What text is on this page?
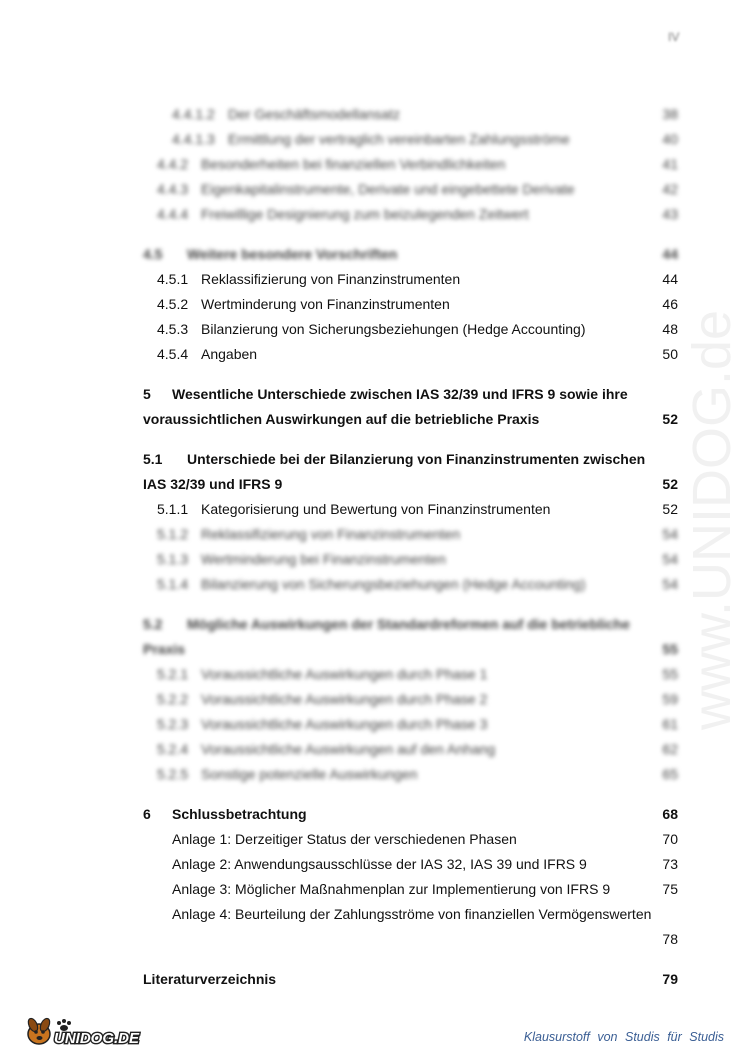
IV
www.UNIDOG.de
4.4.1.2 Der Geschäftsmodellansatz	38
4.4.1.3 Ermittlung der vertraglich vereinbarten Zahlungsströme	40
4.4.2 Besonderheiten bei finanziellen Verbindlichkeiten	41
4.4.3 Eigenkapitalinstrumente, Derivate und eingebettete Derivate	42
4.4.4 Freiwillige Designierung zum beizulegenden Zeitwert	43
4.5 Weitere besondere Vorschriften	44
4.5.1 Reklassifizierung von Finanzinstrumenten	44
4.5.2 Wertminderung von Finanzinstrumenten	46
4.5.3 Bilanzierung von Sicherungsbeziehungen (Hedge Accounting)	48
4.5.4 Angaben	50
5 Wesentliche Unterschiede zwischen IAS 32/39 und IFRS 9 sowie ihre
voraussichtlichen Auswirkungen auf die betriebliche Praxis	52
5.1 Unterschiede bei der Bilanzierung von Finanzinstrumenten zwischen
IAS 32/39 und IFRS 9	52
5.1.1 Kategorisierung und Bewertung von Finanzinstrumenten	52
5.1.2 Reklassifizierung von Finanzinstrumenten	54
5.1.3 Wertminderung bei Finanzinstrumenten	54
5.1.4 Bilanzierung von Sicherungsbeziehungen (Hedge Accounting)	54
5.2 Mögliche Auswirkungen der Standardreformen auf die betriebliche
Praxis	55
5.2.1 Voraussichtliche Auswirkungen durch Phase 1	55
5.2.2 Voraussichtliche Auswirkungen durch Phase 2	59
5.2.3 Voraussichtliche Auswirkungen durch Phase 3	61
5.2.4 Voraussichtliche Auswirkungen auf den Anhang	62
5.2.5 Sonstige potenzielle Auswirkungen	65
6 Schlussbetrachtung	68
Anlage 1: Derzeitiger Status der verschiedenen Phasen	70
Anlage 2: Anwendungsausschlüsse der IAS 32, IAS 39 und IFRS 9	73
Anlage 3: Möglicher Maßnahmenplan zur Implementierung von IFRS 9	75
Anlage 4: Beurteilung der Zahlungsströme von finanziellen Vermögenswerten
78
Literaturverzeichnis	79
UNIDOG.DE	Klausurstoff von Studis für Studis
